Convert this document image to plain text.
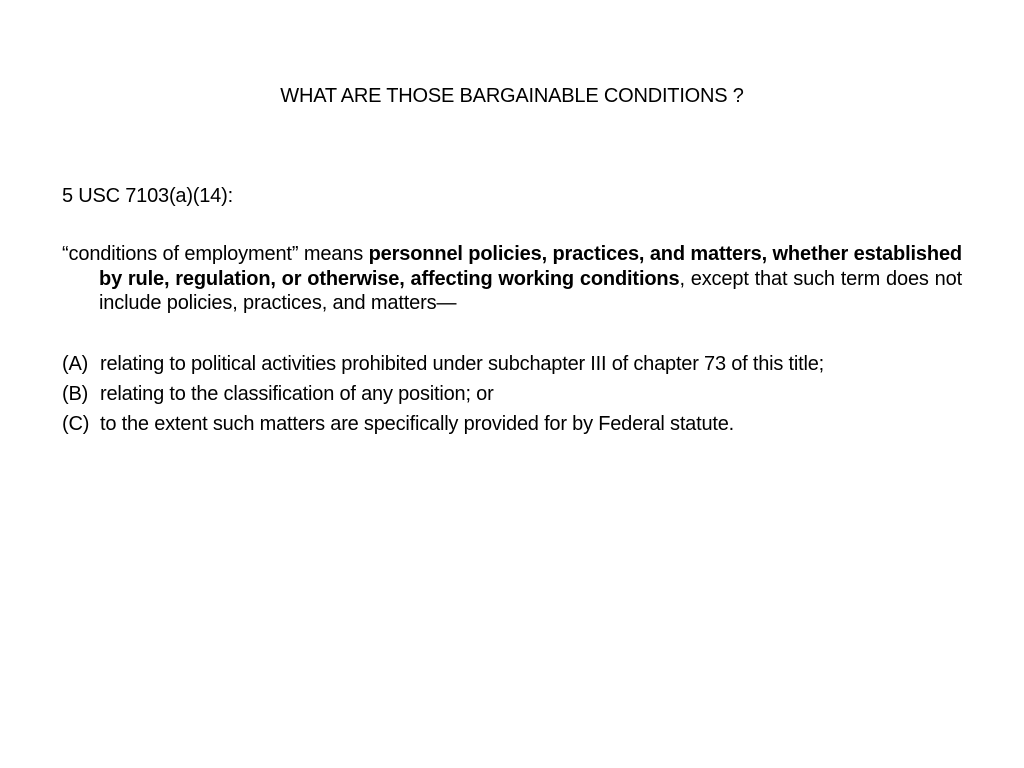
WHAT ARE THOSE BARGAINABLE CONDITIONS ?
5 USC 7103(a)(14):
“conditions of employment” means personnel policies, practices, and matters, whether established by rule, regulation, or otherwise, affecting working conditions, except that such term does not include policies, practices, and matters—
(A) relating to political activities prohibited under subchapter III of chapter 73 of this title;
(B) relating to the classification of any position; or
(C) to the extent such matters are specifically provided for by Federal statute.
